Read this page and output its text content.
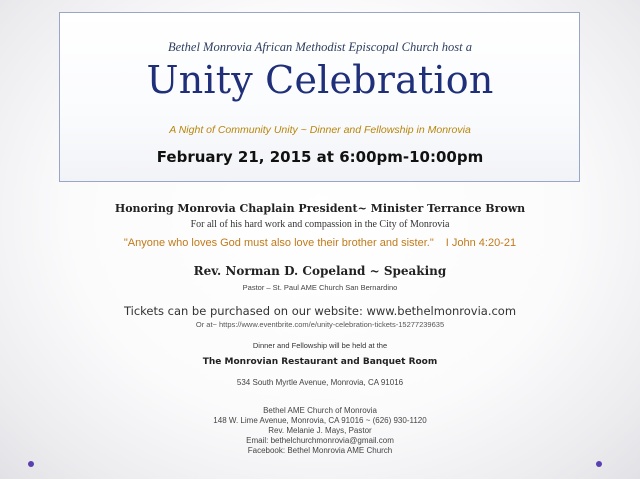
Bethel Monrovia African Methodist Episcopal Church host a

Unity Celebration

A Night of Community Unity ~ Dinner and Fellowship in Monrovia

February 21, 2015 at 6:00pm-10:00pm

Honoring Monrovia Chaplain President~ Minister Terrance Brown

For all of his hard work and compassion in the City of Monrovia

"Anyone who loves God must also love their brother and sister." I John 4:20-21

Rev. Norman D. Copeland ~ Speaking

Pastor – St. Paul AME Church San Bernardino

Tickets can be purchased on our website: www.bethelmonrovia.com

Or at~ https://www.eventbrite.com/e/unity-celebration-tickets-15277239635

Dinner and Fellowship will be held at the

The Monrovian Restaurant and Banquet Room

534 South Myrtle Avenue, Monrovia, CA 91016

Bethel AME Church of Monrovia

148 W. Lime Avenue, Monrovia, CA 91016 ~ (626) 930-1120

Rev. Melanie J. Mays, Pastor

Email: bethelchurchmonrovia@gmail.com

Facebook: Bethel Monrovia AME Church
